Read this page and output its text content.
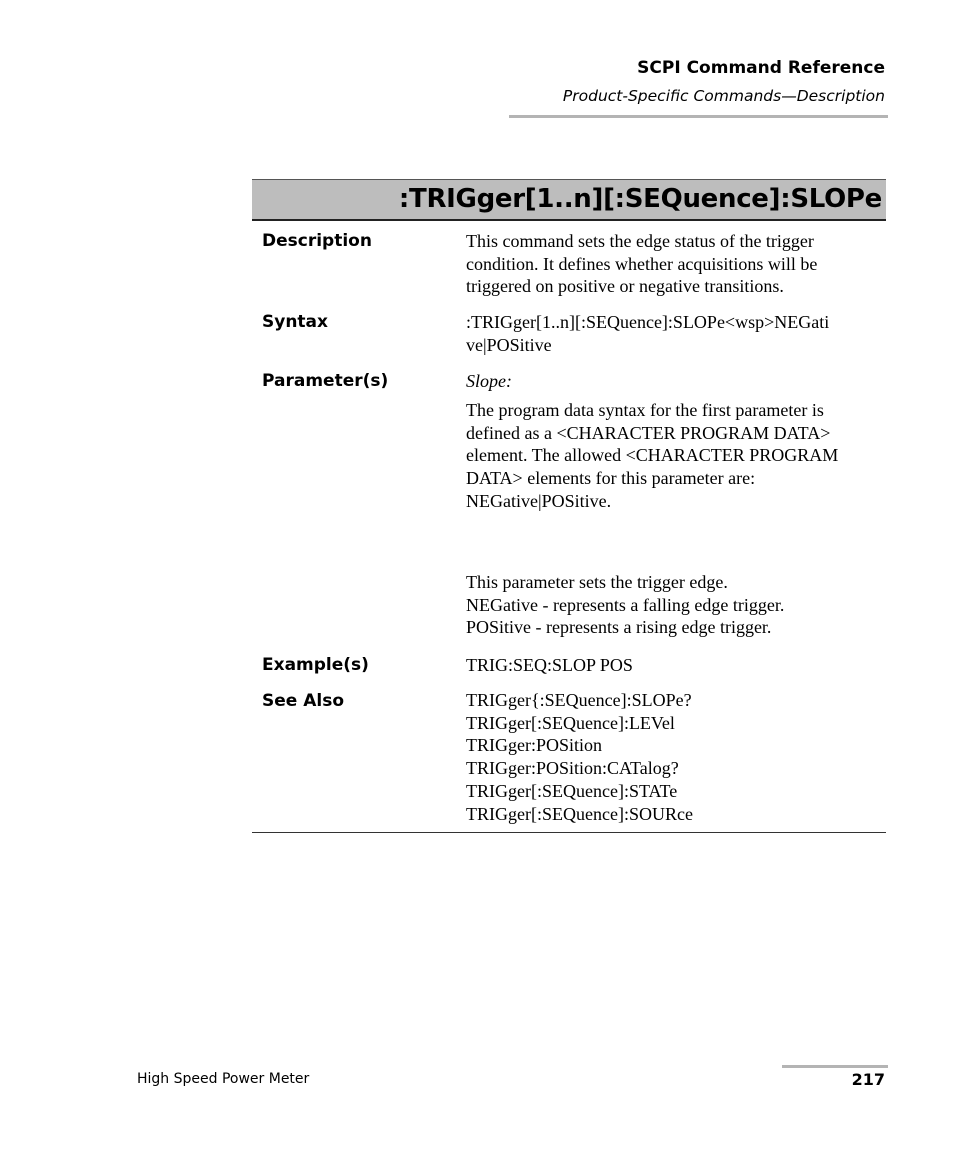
SCPI Command Reference
Product-Specific Commands—Description
:TRIGger[1..n][:SEQuence]:SLOPe
Description	This command sets the edge status of the trigger
condition. It defines whether acquisitions will be
triggered on positive or negative transitions.
Syntax	:TRIGger[1..n][:SEQuence]:SLOPe<wsp>NEGati
ve|POSitive
Parameter(s)	Slope:
The program data syntax for the first parameter is
defined as a <CHARACTER PROGRAM DATA>
element. The allowed <CHARACTER PROGRAM
DATA> elements for this parameter are:
NEGative|POSitive.
This parameter sets the trigger edge.
NEGative - represents a falling edge trigger.
POSitive - represents a rising edge trigger.
Example(s)	TRIG:SEQ:SLOP POS
See Also	TRIGger{:SEQuence]:SLOPe?
TRIGger[:SEQuence]:LEVel
TRIGger:POSition
TRIGger:POSition:CATalog?
TRIGger[:SEQuence]:STATe
TRIGger[:SEQuence]:SOURce
High Speed Power Meter	217
